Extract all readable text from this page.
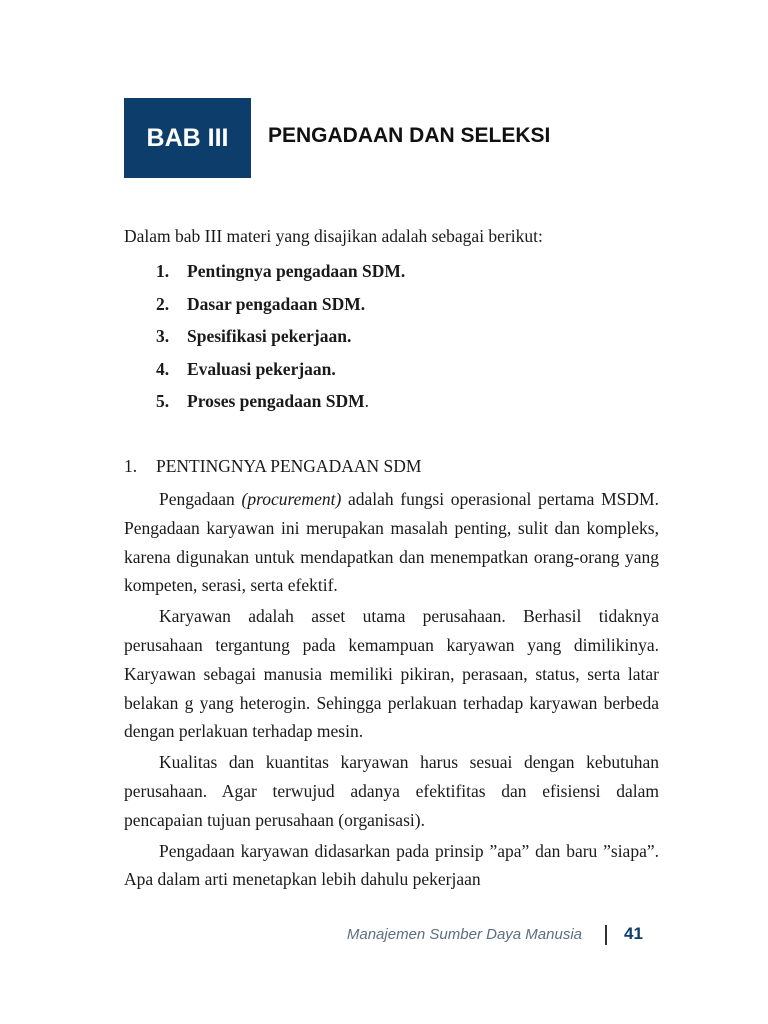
BAB III PENGADAAN DAN SELEKSI
Dalam bab III materi yang disajikan adalah sebagai berikut:
1.	Pentingnya pengadaan SDM.
2.	Dasar pengadaan SDM.
3.	Spesifikasi pekerjaan.
4.	Evaluasi pekerjaan.
5.	Proses pengadaan SDM .
1. PENTINGNYA PENGADAAN SDM

Pengadaan (procurement) adalah fungsi operasional pertama MSDM. Pengadaan karyawan ini merupakan masalah penting, sulit dan kompleks, karena digunakan untuk mendapatkan dan menempatkan orang-orang yang kompeten, serasi, serta efektif.

Karyawan adalah asset utama perusahaan. Berhasil tidaknya perusahaan tergantung pada kemampuan karyawan yang dimilikinya. Karyawan sebagai manusia memiliki pikiran, perasaan, status, serta latar belakan g yang heterogin. Sehingga perlakuan terhadap karyawan berbeda dengan perlakuan terhadap mesin.

Kualitas dan kuantitas karyawan harus sesuai dengan kebutuhan perusahaan. Agar terwujud adanya efektifitas dan efisiensi dalam pencapaian tujuan perusahaan (organisasi).

Pengadaan karyawan didasarkan pada prinsip ”apa” dan baru ”siapa”. Apa dalam arti menetapkan lebih dahulu pekerjaan

Manajemen Sumber Daya Manusia 41
